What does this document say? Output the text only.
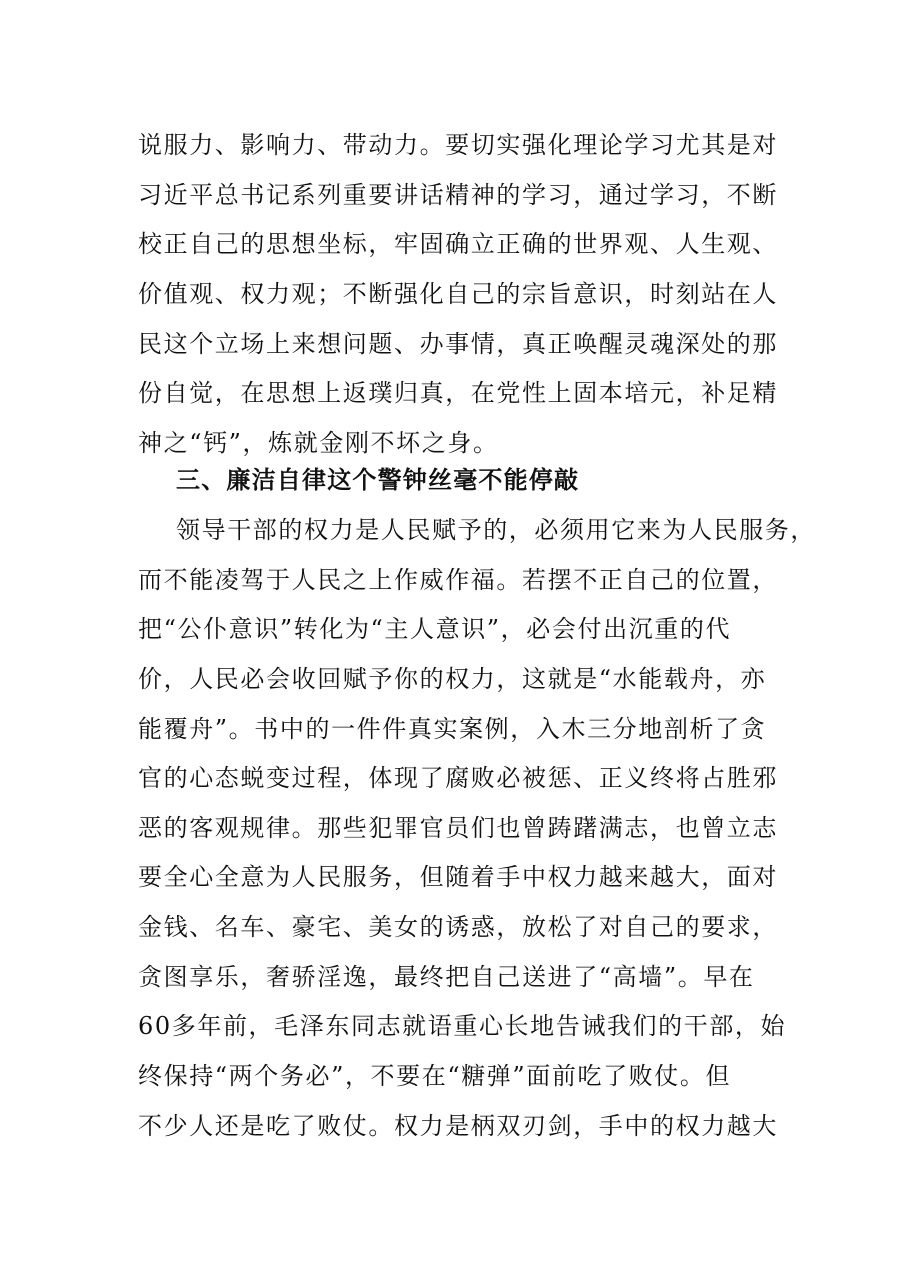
说服力、影响力、带动力。要切实强化理论学习尤其是对
习近平总书记系列重要讲话精神的学习，通过学习，不断
校正自己的思想坐标，牢固确立正确的世界观、人生观、
价值观、权力观；不断强化自己的宗旨意识，时刻站在人
民这个立场上来想问题、办事情，真正唤醒灵魂深处的那
份自觉，在思想上返璞归真，在党性上固本培元，补足精
神之“钙”，炼就金刚不坏之身。
三、廉洁自律这个警钟丝毫不能停敲
领导干部的权力是人民赋予的，必须用它来为人民服务，
而不能凌驾于人民之上作威作福。若摆不正自己的位置，
把“公仆意识”转化为“主人意识”，必会付出沉重的代
价，人民必会收回赋予你的权力，这就是“水能载舟，亦
能覆舟”。书中的一件件真实案例，入木三分地剖析了贪
官的心态蜕变过程，体现了腐败必被惩、正义终将占胜邪
恶的客观规律。那些犯罪官员们也曾踌躇满志，也曾立志
要全心全意为人民服务，但随着手中权力越来越大，面对
金钱、名车、豪宅、美女的诱惑，放松了对自己的要求，
贪图享乐，奢骄淫逸，最终把自己送进了“高墙”。早在
60多年前，毛泽东同志就语重心长地告诫我们的干部，始
终保持“两个务必”，不要在“糖弹”面前吃了败仗。但
不少人还是吃了败仗。权力是柄双刃剑，手中的权力越大
